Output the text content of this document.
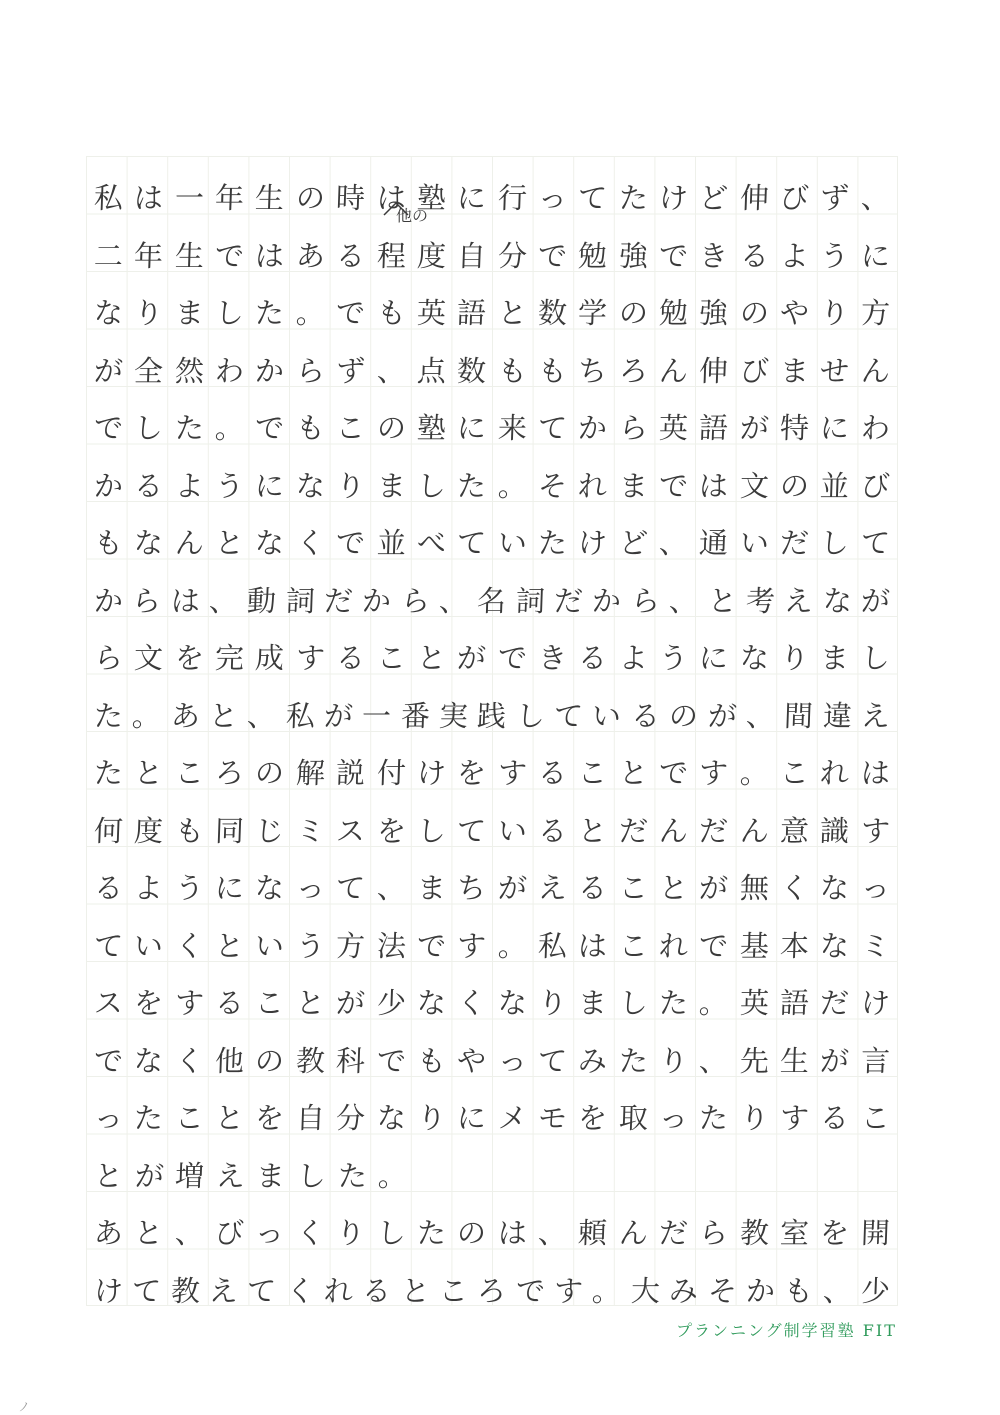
私 は 一 年 生 の 時 は 塾 に 行 っ て た け ど 伸 び ず 、
二 年 生 で は あ る 程 度 自 分 で 勉 強 で き る よ う に
な り ま し た 。 で も 英 語 と 数 学 の 勉 強 の や り 方
が 全 然 わ か ら ず 、 点 数 も も ち ろ ん 伸 び ま せ ん
で し た 。 で も こ の 塾 に 来 て か ら 英 語 が 特 に わ
か る よ う に な り ま し た 。 そ れ ま で は 文 の 並 び
も な ん と な く で 並 べ て い た け ど 、 通 い だ し て
か ら は 、 動 詞 だ か ら 、 名 詞 だ か ら 、 と 考 え な が
ら 文 を 完 成 す る こ と が で き る よ う に な り ま し
た 。 あ と 、 私 が 一 番 実 践 し て い る の が 、 間 違 え
た と こ ろ の 解 説 付 け を す る こ と で す 。 こ れ は
何 度 も 同 じ ミ ス を し て い る と だ ん だ ん 意 識 す
る よ う に な っ て 、 ま ち が え る こ と が 無 く な っ
て い く と い う 方 法 で す 。 私 は こ れ で 基 本 な ミ
ス を す る こ と が 少 な く な り ま し た 。 英 語 だ け
で な く 他 の 教 科 で も や っ て み た り 、 先 生 が 言
っ た こ と を 自 分 な り に メ モ を 取 っ た り す る こ
と が 増 え ま し た 。
あ と 、 び っ く り し た の は 、 頼 ん だ ら 教 室 を 開
け て 教 え て く れ る と こ ろ で す 。 大 み そ か も 、 少
他の
プランニング制学習塾 FIT
ノ
